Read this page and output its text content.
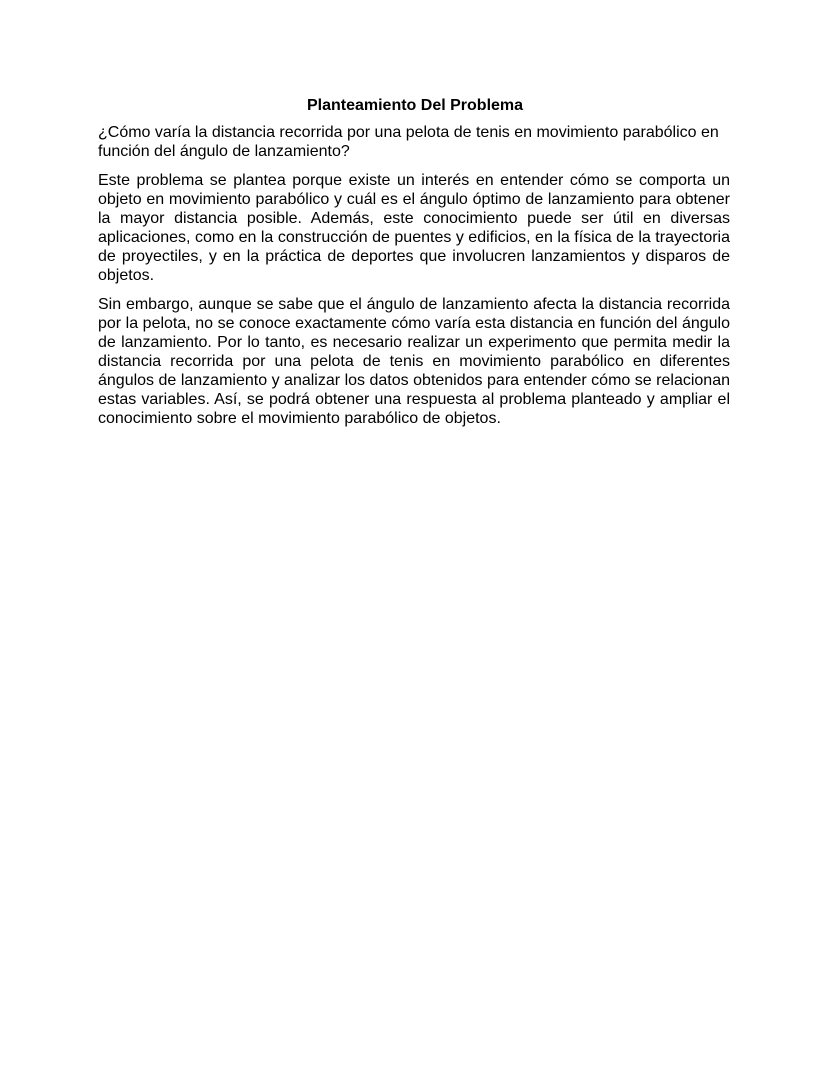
Planteamiento Del Problema

¿Cómo varía la distancia recorrida por una pelota de tenis en movimiento parabólico en función del ángulo de lanzamiento?

Este problema se plantea porque existe un interés en entender cómo se comporta un objeto en movimiento parabólico y cuál es el ángulo óptimo de lanzamiento para obtener la mayor distancia posible. Además, este conocimiento puede ser útil en diversas aplicaciones, como en la construcción de puentes y edificios, en la física de la trayectoria de proyectiles, y en la práctica de deportes que involucren lanzamientos y disparos de objetos.

Sin embargo, aunque se sabe que el ángulo de lanzamiento afecta la distancia recorrida por la pelota, no se conoce exactamente cómo varía esta distancia en función del ángulo de lanzamiento. Por lo tanto, es necesario realizar un experimento que permita medir la distancia recorrida por una pelota de tenis en movimiento parabólico en diferentes ángulos de lanzamiento y analizar los datos obtenidos para entender cómo se relacionan estas variables. Así, se podrá obtener una respuesta al problema planteado y ampliar el conocimiento sobre el movimiento parabólico de objetos.
